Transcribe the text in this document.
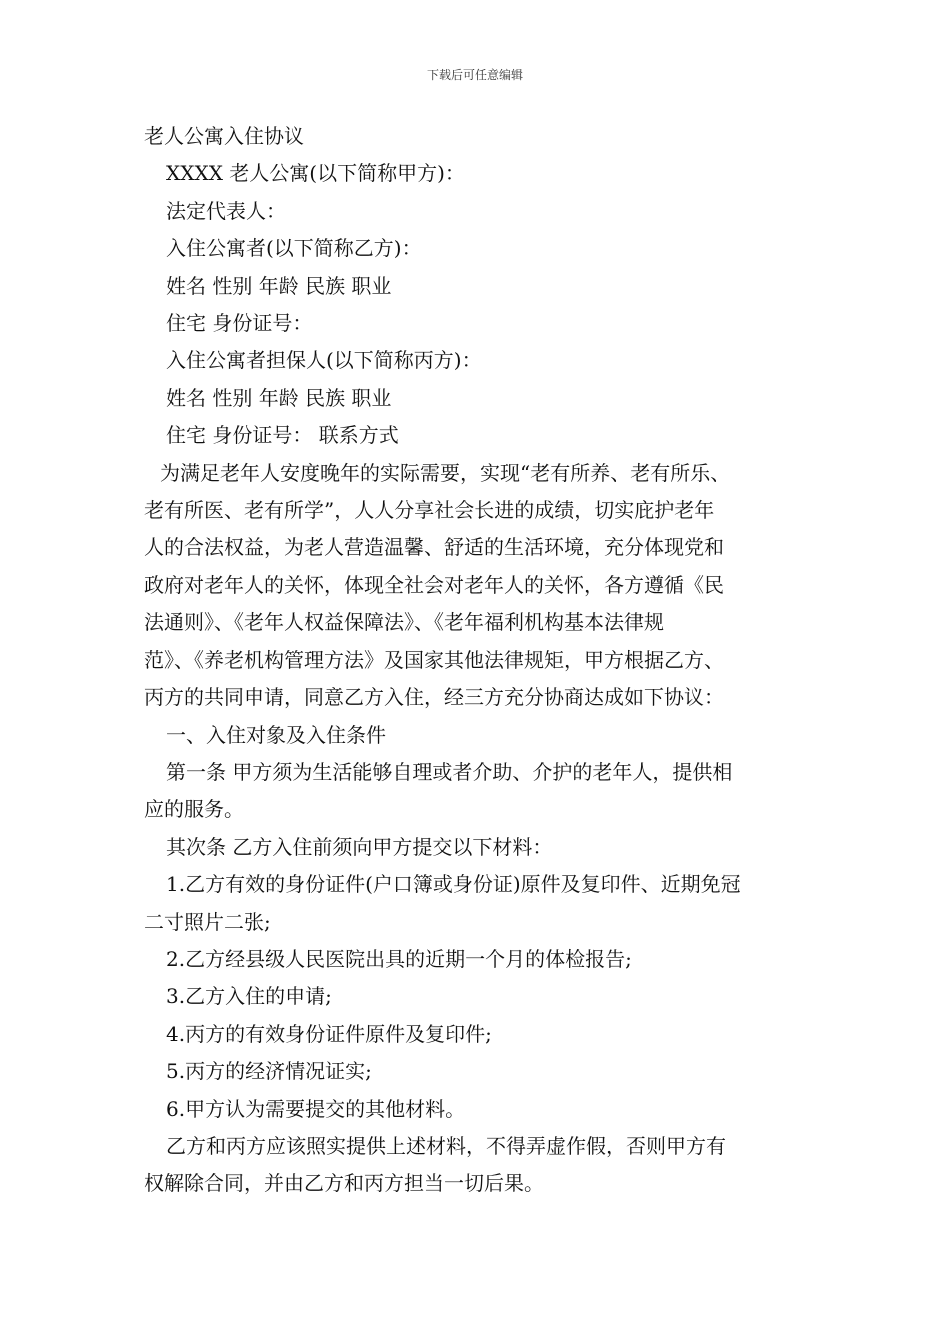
下载后可任意编辑
老人公寓入住协议
XXXX 老人公寓(以下简称甲方)：
法定代表人：
入住公寓者(以下简称乙方)：
姓名 性别 年龄 民族 职业
住宅 身份证号：
入住公寓者担保人(以下简称丙方)：
姓名 性别 年龄 民族 职业
住宅 身份证号： 联系方式
为满足老年人安度晚年的实际需要，实现“老有所养、老有所乐、
老有所医、老有所学”，人人分享社会长进的成绩，切实庇护老年
人的合法权益，为老人营造温馨、舒适的生活环境，充分体现党和
政府对老年人的关怀，体现全社会对老年人的关怀，各方遵循《民
法通则》、《老年人权益保障法》、《老年福利机构基本法律规
范》、《养老机构管理方法》及国家其他法律规矩，甲方根据乙方、
丙方的共同申请，同意乙方入住，经三方充分协商达成如下协议：
一、入住对象及入住条件
第一条 甲方须为生活能够自理或者介助、介护的老年人，提供相
应的服务。
其次条 乙方入住前须向甲方提交以下材料：
1.乙方有效的身份证件(户口簿或身份证)原件及复印件、近期免冠
二寸照片二张;
2.乙方经县级人民医院出具的近期一个月的体检报告;
3.乙方入住的申请;
4.丙方的有效身份证件原件及复印件;
5.丙方的经济情况证实;
6.甲方认为需要提交的其他材料。
乙方和丙方应该照实提供上述材料，不得弄虚作假，否则甲方有
权解除合同，并由乙方和丙方担当一切后果。
